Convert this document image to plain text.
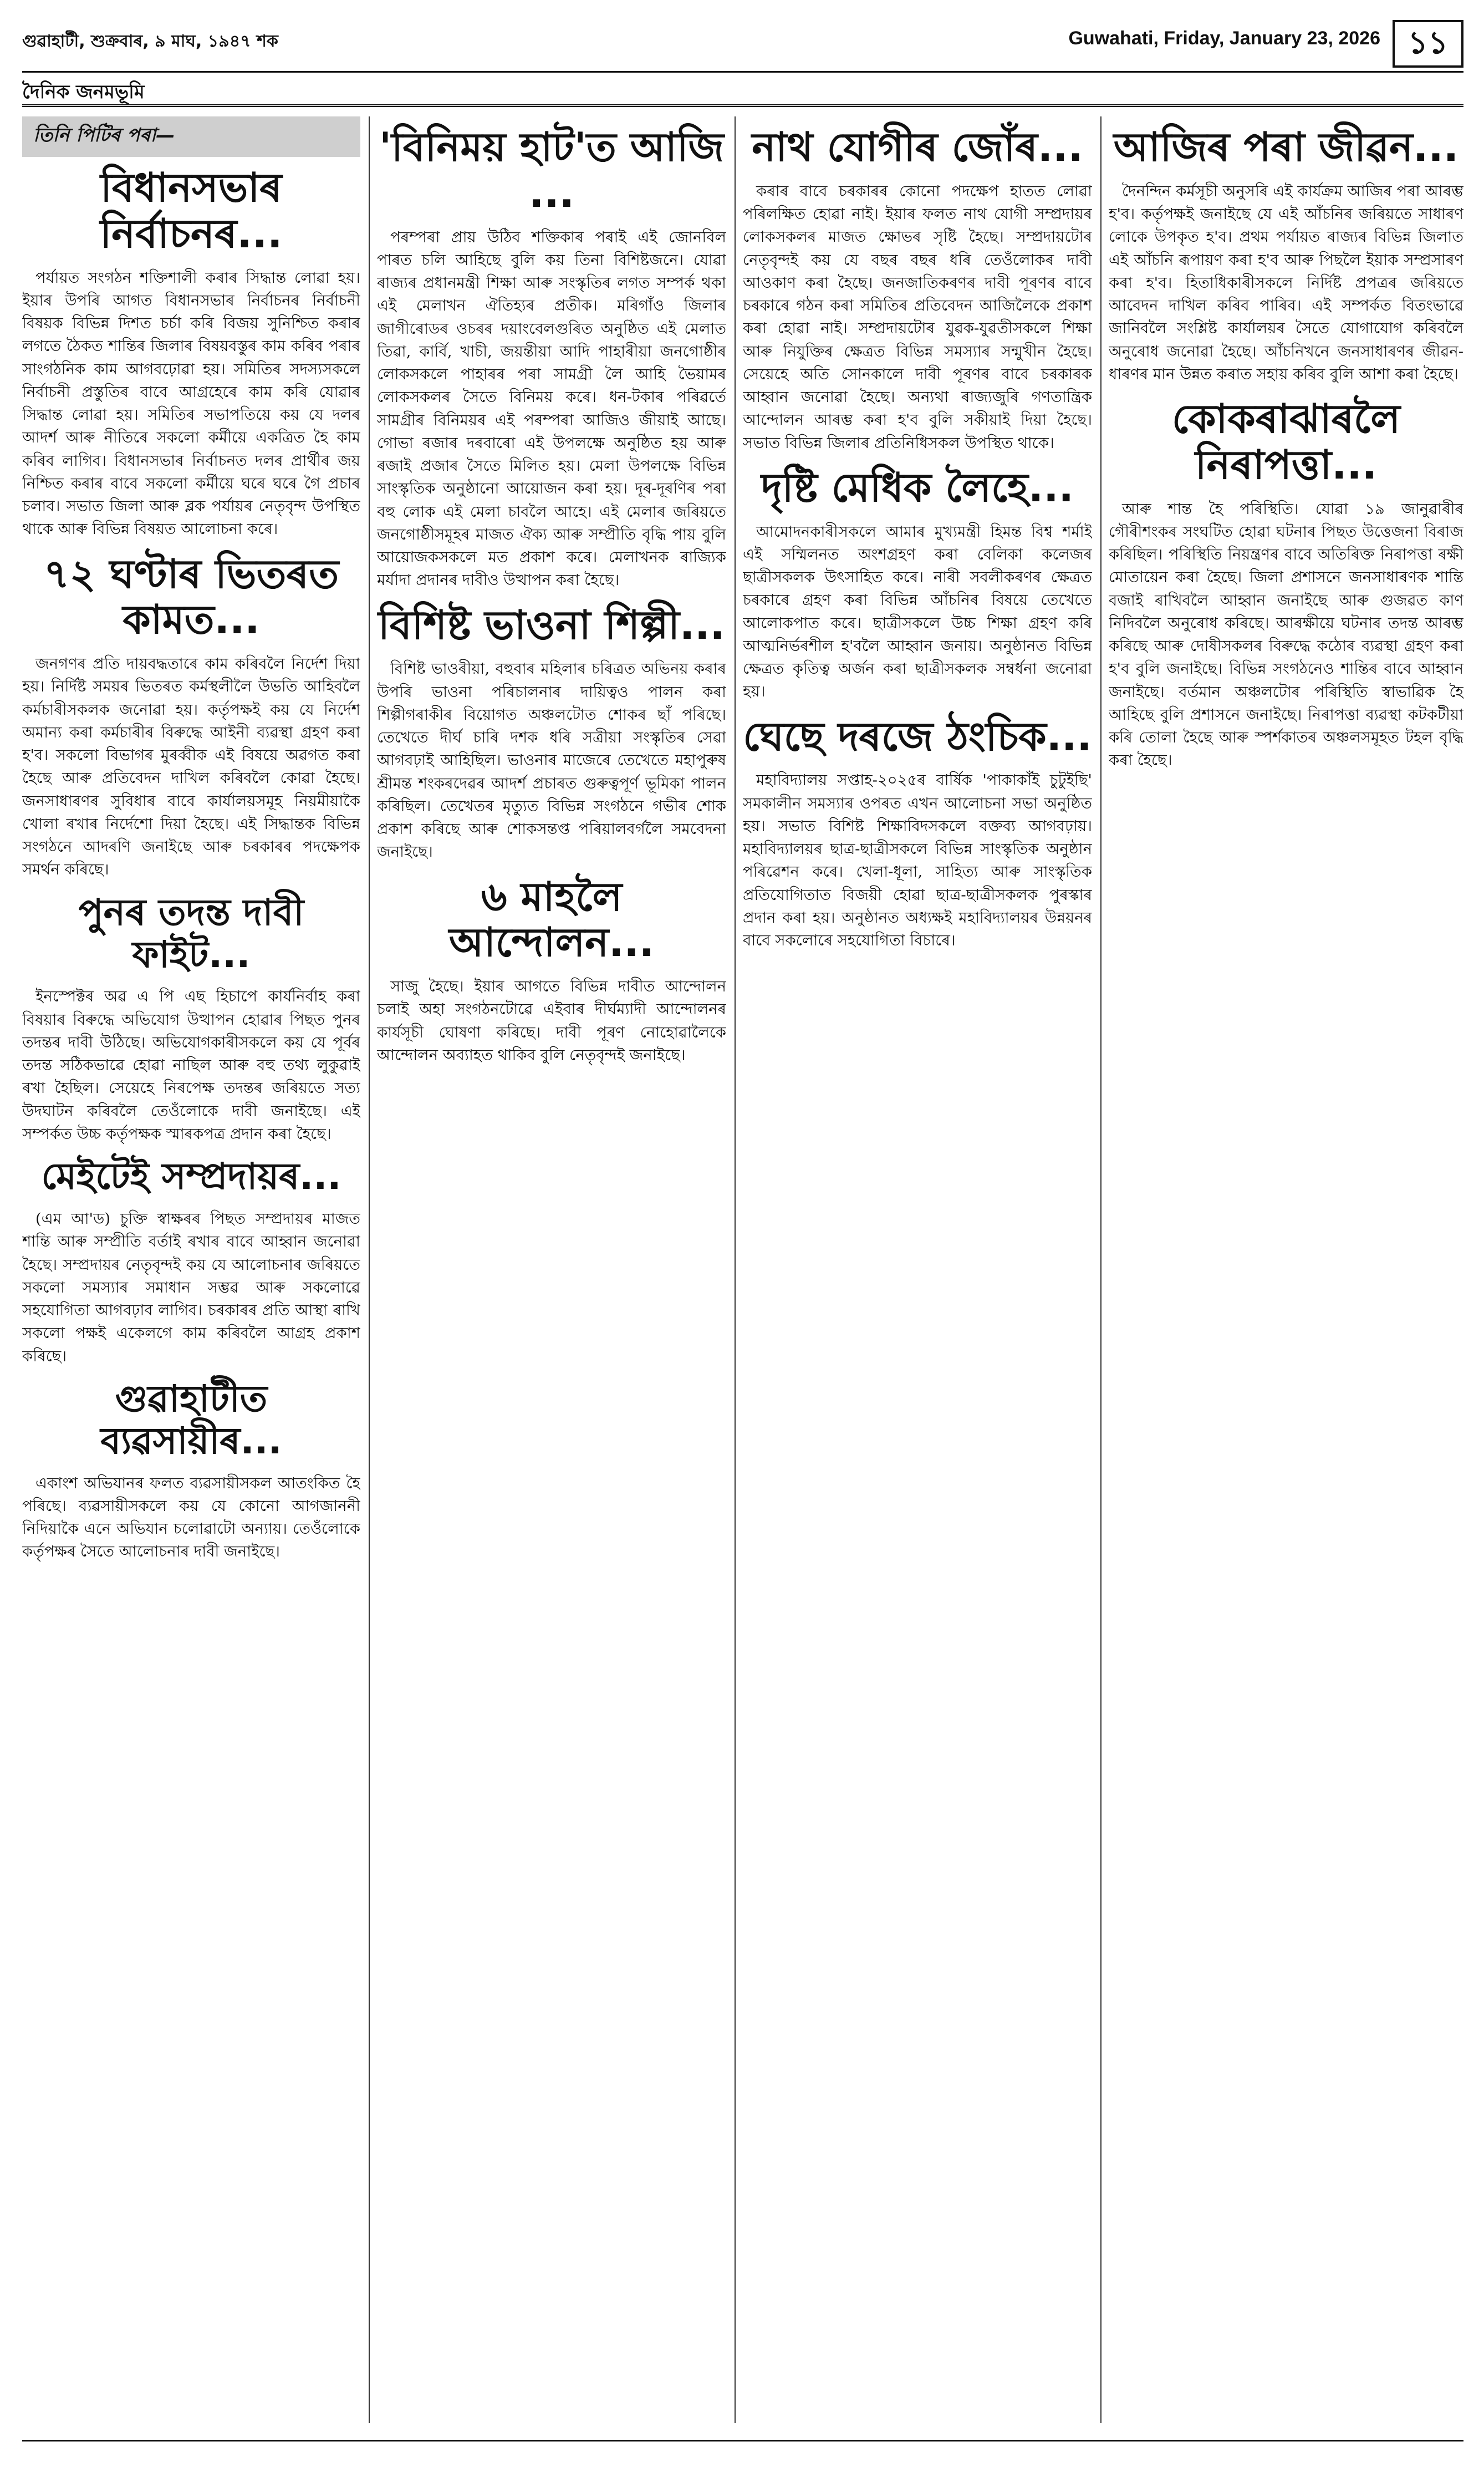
গুৱাহাটী, শুক্রবাৰ, ৯ মাঘ, ১৯৪৭ শক	Guwahati, Friday, January 23, 2026 ১১
দৈনিক জনমভূমি
তিনি পিটিৰ পৰা—
বিধানসভাৰ নিৰ্বাচনৰ...

পৰ্যায়ত সংগঠন শক্তিশালী কৰাৰ সিদ্ধান্ত লোৱা হয়। ইয়াৰ উপৰি আগত বিধানসভাৰ নিৰ্বাচনৰ নিৰ্বাচনী বিষয়ক বিভিন্ন দিশত চৰ্চা কৰি বিজয় সুনিশ্চিত কৰাৰ লগতে ঠৈকত শান্তিৰ জিলাৰ বিষয়বস্তুৰ কাম কৰিব পৰাৰ সাংগঠনিক কাম আগবঢ়োৱা হয়। সমিতিৰ সদস্যসকলে নিৰ্বাচনী প্ৰস্তুতিৰ বাবে আগ্ৰহেৰে কাম কৰি যোৱাৰ সিদ্ধান্ত লোৱা হয়। সমিতিৰ সভাপতিয়ে কয় যে দলৰ আদৰ্শ আৰু নীতিৰে সকলো কৰ্মীয়ে একত্ৰিত হৈ কাম কৰিব লাগিব। বিধানসভাৰ নিৰ্বাচনত দলৰ প্ৰাৰ্থীৰ জয় নিশ্চিত কৰাৰ বাবে সকলো কৰ্মীয়ে ঘৰে ঘৰে গৈ প্ৰচাৰ চলাব। সভাত জিলা আৰু ব্লক পৰ্যায়ৰ নেতৃবৃন্দ উপস্থিত থাকে আৰু বিভিন্ন বিষয়ত আলোচনা কৰে।

৭২ ঘণ্টাৰ ভিতৰত কামত...

জনগণৰ প্ৰতি দায়বদ্ধতাৰে কাম কৰিবলৈ নিৰ্দেশ দিয়া হয়। নিৰ্দিষ্ট সময়ৰ ভিতৰত কৰ্মস্থলীলৈ উভতি আহিবলৈ কৰ্মচাৰীসকলক জনোৱা হয়। কৰ্তৃপক্ষই কয় যে নিৰ্দেশ অমান্য কৰা কৰ্মচাৰীৰ বিৰুদ্ধে আইনী ব্যৱস্থা গ্ৰহণ কৰা হ'ব। সকলো বিভাগৰ মুৰব্বীক এই বিষয়ে অৱগত কৰা হৈছে আৰু প্ৰতিবেদন দাখিল কৰিবলৈ কোৱা হৈছে। জনসাধাৰণৰ সুবিধাৰ বাবে কাৰ্যালয়সমূহ নিয়মীয়াকৈ খোলা ৰখাৰ নিৰ্দেশো দিয়া হৈছে। এই সিদ্ধান্তক বিভিন্ন সংগঠনে আদৰণি জনাইছে আৰু চৰকাৰৰ পদক্ষেপক সমৰ্থন কৰিছে।

পুনৰ তদন্ত দাবী ফাইট...

ইনস্পেক্টৰ অৱ এ পি এছ হিচাপে কাৰ্যনিৰ্বাহ কৰা বিষয়াৰ বিৰুদ্ধে অভিযোগ উত্থাপন হোৱাৰ পিছত পুনৰ তদন্তৰ দাবী উঠিছে। অভিযোগকাৰীসকলে কয় যে পূৰ্বৰ তদন্ত সঠিকভাৱে হোৱা নাছিল আৰু বহু তথ্য লুকুৱাই ৰখা হৈছিল। সেয়েহে নিৰপেক্ষ তদন্তৰ জৰিয়তে সত্য উদঘাটন কৰিবলৈ তেওঁলোকে দাবী জনাইছে। এই সম্পৰ্কত উচ্চ কৰ্তৃপক্ষক স্মাৰকপত্ৰ প্ৰদান কৰা হৈছে।

মেইটেই সম্প্ৰদায়ৰ...

(এম আ'ড) চুক্তি স্বাক্ষৰৰ পিছত সম্প্ৰদায়ৰ মাজত শান্তি আৰু সম্প্ৰীতি বৰ্তাই ৰখাৰ বাবে আহ্বান জনোৱা হৈছে। সম্প্ৰদায়ৰ নেতৃবৃন্দই কয় যে আলোচনাৰ জৰিয়তে সকলো সমস্যাৰ সমাধান সম্ভৱ আৰু সকলোৱে সহযোগিতা আগবঢ়াব লাগিব। চৰকাৰৰ প্ৰতি আস্থা ৰাখি সকলো পক্ষই একেলগে কাম কৰিবলৈ আগ্ৰহ প্ৰকাশ কৰিছে।

গুৱাহাটীত ব্যৱসায়ীৰ...

একাংশ অভিযানৰ ফলত ব্যৱসায়ীসকল আতংকিত হৈ পৰিছে। ব্যৱসায়ীসকলে কয় যে কোনো আগজাননী নিদিয়াকৈ এনে অভিযান চলোৱাটো অন্যায়। তেওঁলোকে কৰ্তৃপক্ষৰ সৈতে আলোচনাৰ দাবী জনাইছে।

'বিনিময় হাট'ত আজি ...

পৰম্পৰা প্ৰায় উঠিব শক্তিকাৰ পৰাই এই জোনবিল পাৰত চলি আহিছে বুলি কয় তিনা বিশিষ্টজনে। যোৱা ৰাজ্যৰ প্ৰধানমন্ত্ৰী শিক্ষা আৰু সংস্কৃতিৰ লগত সম্পৰ্ক থকা এই মেলাখন ঐতিহ্যৰ প্ৰতীক। মৰিগাঁও জিলাৰ জাগীৰোডৰ ওচৰৰ দয়াংবেলগুৰিত অনুষ্ঠিত এই মেলাত তিৱা, কাৰ্বি, খাচী, জয়ন্তীয়া আদি পাহাৰীয়া জনগোষ্ঠীৰ লোকসকলে পাহাৰৰ পৰা সামগ্ৰী লৈ আহি ভৈয়ামৰ লোকসকলৰ সৈতে বিনিময় কৰে। ধন-টকাৰ পৰিৱৰ্তে সামগ্ৰীৰ বিনিময়ৰ এই পৰম্পৰা আজিও জীয়াই আছে। গোভা ৰজাৰ দৰবাৰো এই উপলক্ষে অনুষ্ঠিত হয় আৰু ৰজাই প্ৰজাৰ সৈতে মিলিত হয়। মেলা উপলক্ষে বিভিন্ন সাংস্কৃতিক অনুষ্ঠানো আয়োজন কৰা হয়। দূৰ-দূৰণিৰ পৰা বহু লোক এই মেলা চাবলৈ আহে। এই মেলাৰ জৰিয়তে জনগোষ্ঠীসমূহৰ মাজত ঐক্য আৰু সম্প্ৰীতি বৃদ্ধি পায় বুলি আয়োজকসকলে মত প্ৰকাশ কৰে। মেলাখনক ৰাজ্যিক মৰ্যাদা প্ৰদানৰ দাবীও উত্থাপন কৰা হৈছে।

বিশিষ্ট ভাওনা শিল্পী...

বিশিষ্ট ভাওৰীয়া, বহুবাৰ মহিলাৰ চৰিত্ৰত অভিনয় কৰাৰ উপৰি ভাওনা পৰিচালনাৰ দায়িত্বও পালন কৰা শিল্পীগৰাকীৰ বিয়োগত অঞ্চলটোত শোকৰ ছাঁ পৰিছে। তেখেতে দীৰ্ঘ চাৰি দশক ধৰি সত্ৰীয়া সংস্কৃতিৰ সেৱা আগবঢ়াই আহিছিল। ভাওনাৰ মাজেৰে তেখেতে মহাপুৰুষ শ্ৰীমন্ত শংকৰদেৱৰ আদৰ্শ প্ৰচাৰত গুৰুত্বপূৰ্ণ ভূমিকা পালন কৰিছিল। তেখেতৰ মৃত্যুত বিভিন্ন সংগঠনে গভীৰ শোক প্ৰকাশ কৰিছে আৰু শোকসন্তপ্ত পৰিয়ালবৰ্গলৈ সমবেদনা জনাইছে।

৬ মাহলৈ আন্দোলন...

সাজু হৈছে। ইয়াৰ আগতে বিভিন্ন দাবীত আন্দোলন চলাই অহা সংগঠনটোৱে এইবাৰ দীৰ্ঘম্যাদী আন্দোলনৰ কাৰ্যসূচী ঘোষণা কৰিছে। দাবী পূৰণ নোহোৱালৈকে আন্দোলন অব্যাহত থাকিব বুলি নেতৃবৃন্দই জনাইছে।

নাথ যোগীৰ জোঁৰ...

কৰাৰ বাবে চৰকাৰৰ কোনো পদক্ষেপ হাতত লোৱা পৰিলক্ষিত হোৱা নাই। ইয়াৰ ফলত নাথ যোগী সম্প্ৰদায়ৰ লোকসকলৰ মাজত ক্ষোভৰ সৃষ্টি হৈছে। সম্প্ৰদায়টোৰ নেতৃবৃন্দই কয় যে বছৰ বছৰ ধৰি তেওঁলোকৰ দাবী আওকাণ কৰা হৈছে। জনজাতিকৰণৰ দাবী পূৰণৰ বাবে চৰকাৰে গঠন কৰা সমিতিৰ প্ৰতিবেদন আজিলৈকে প্ৰকাশ কৰা হোৱা নাই। সম্প্ৰদায়টোৰ যুৱক-যুৱতীসকলে শিক্ষা আৰু নিযুক্তিৰ ক্ষেত্ৰত বিভিন্ন সমস্যাৰ সন্মুখীন হৈছে। সেয়েহে অতি সোনকালে দাবী পূৰণৰ বাবে চৰকাৰক আহ্বান জনোৱা হৈছে। অন্যথা ৰাজ্যজুৰি গণতান্ত্ৰিক আন্দোলন আৰম্ভ কৰা হ'ব বুলি সকীয়াই দিয়া হৈছে। সভাত বিভিন্ন জিলাৰ প্ৰতিনিধিসকল উপস্থিত থাকে।

দৃষ্টি মেধিক লৈহে...

আমোদনকাৰীসকলে আমাৰ মুখ্যমন্ত্ৰী হিমন্ত বিশ্ব শৰ্মাই এই সম্মিলনত অংশগ্ৰহণ কৰা বেলিকা কলেজৰ ছাত্ৰীসকলক উৎসাহিত কৰে। নাৰী সবলীকৰণৰ ক্ষেত্ৰত চৰকাৰে গ্ৰহণ কৰা বিভিন্ন আঁচনিৰ বিষয়ে তেখেতে আলোকপাত কৰে। ছাত্ৰীসকলে উচ্চ শিক্ষা গ্ৰহণ কৰি আত্মনিৰ্ভৰশীল হ'বলৈ আহ্বান জনায়। অনুষ্ঠানত বিভিন্ন ক্ষেত্ৰত কৃতিত্ব অৰ্জন কৰা ছাত্ৰীসকলক সম্বৰ্ধনা জনোৱা হয়।

ঘেছে দৰজে ঠংচিক...

মহাবিদ্যালয় সপ্তাহ-২০২৫ৰ বাৰ্ষিক 'পাকাকাঁই চুটুইছি' সমকালীন সমস্যাৰ ওপৰত এখন আলোচনা সভা অনুষ্ঠিত হয়। সভাত বিশিষ্ট শিক্ষাবিদসকলে বক্তব্য আগবঢ়ায়। মহাবিদ্যালয়ৰ ছাত্ৰ-ছাত্ৰীসকলে বিভিন্ন সাংস্কৃতিক অনুষ্ঠান পৰিৱেশন কৰে। খেলা-ধূলা, সাহিত্য আৰু সাংস্কৃতিক প্ৰতিযোগিতাত বিজয়ী হোৱা ছাত্ৰ-ছাত্ৰীসকলক পুৰস্কাৰ প্ৰদান কৰা হয়। অনুষ্ঠানত অধ্যক্ষই মহাবিদ্যালয়ৰ উন্নয়নৰ বাবে সকলোৰে সহযোগিতা বিচাৰে।

আজিৰ পৰা জীৱন...

দৈনন্দিন কৰ্মসূচী অনুসৰি এই কাৰ্যক্ৰম আজিৰ পৰা আৰম্ভ হ'ব। কৰ্তৃপক্ষই জনাইছে যে এই আঁচনিৰ জৰিয়তে সাধাৰণ লোকে উপকৃত হ'ব। প্ৰথম পৰ্যায়ত ৰাজ্যৰ বিভিন্ন জিলাত এই আঁচনি ৰূপায়ণ কৰা হ'ব আৰু পিছলৈ ইয়াক সম্প্ৰসাৰণ কৰা হ'ব। হিতাধিকাৰীসকলে নিৰ্দিষ্ট প্ৰপত্ৰৰ জৰিয়তে আবেদন দাখিল কৰিব পাৰিব। এই সম্পৰ্কত বিতংভাৱে জানিবলৈ সংশ্লিষ্ট কাৰ্যালয়ৰ সৈতে যোগাযোগ কৰিবলৈ অনুৰোধ জনোৱা হৈছে। আঁচনিখনে জনসাধাৰণৰ জীৱন-ধাৰণৰ মান উন্নত কৰাত সহায় কৰিব বুলি আশা কৰা হৈছে।

কোকৰাঝাৰলৈ নিৰাপত্তা...

আৰু শান্ত হৈ পৰিস্থিতি। যোৱা ১৯ জানুৱাৰীৰ গৌৰীশংকৰ সংঘটিত হোৱা ঘটনাৰ পিছত উত্তেজনা বিৰাজ কৰিছিল। পৰিস্থিতি নিয়ন্ত্ৰণৰ বাবে অতিৰিক্ত নিৰাপত্তা ৰক্ষী মোতায়েন কৰা হৈছে। জিলা প্ৰশাসনে জনসাধাৰণক শান্তি বজাই ৰাখিবলৈ আহ্বান জনাইছে আৰু গুজৱত কাণ নিদিবলৈ অনুৰোধ কৰিছে। আৰক্ষীয়ে ঘটনাৰ তদন্ত আৰম্ভ কৰিছে আৰু দোষীসকলৰ বিৰুদ্ধে কঠোৰ ব্যৱস্থা গ্ৰহণ কৰা হ'ব বুলি জনাইছে। বিভিন্ন সংগঠনেও শান্তিৰ বাবে আহ্বান জনাইছে। বৰ্তমান অঞ্চলটোৰ পৰিস্থিতি স্বাভাৱিক হৈ আহিছে বুলি প্ৰশাসনে জনাইছে। নিৰাপত্তা ব্যৱস্থা কটকটীয়া কৰি তোলা হৈছে আৰু স্পৰ্শকাতৰ অঞ্চলসমূহত টহল বৃদ্ধি কৰা হৈছে।
